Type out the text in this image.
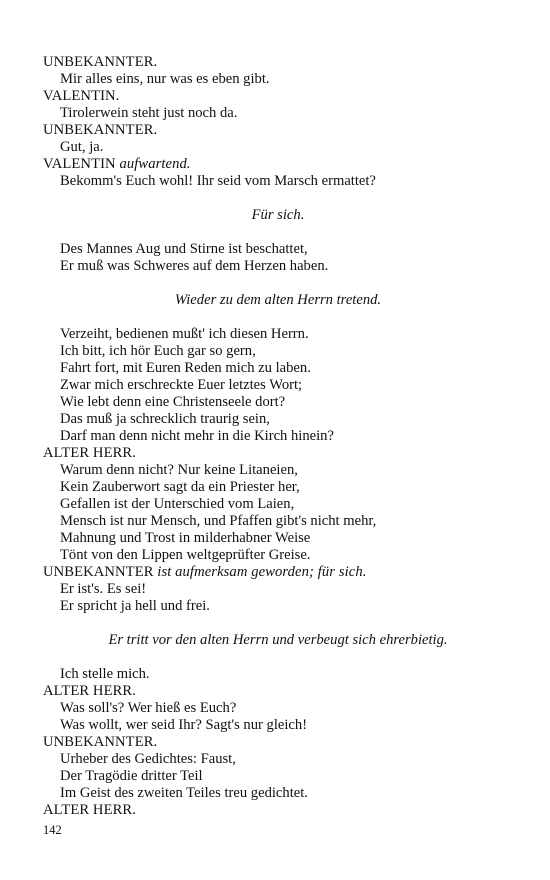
UNBEKANNTER.
Mir alles eins, nur was es eben gibt.
VALENTIN.
Tirolerwein steht just noch da.
UNBEKANNTER.
Gut, ja.
VALENTIN aufwartend.
Bekomm's Euch wohl! Ihr seid vom Marsch ermattet?
Für sich.
Des Mannes Aug und Stirne ist beschattet,
Er muß was Schweres auf dem Herzen haben.
Wieder zu dem alten Herrn tretend.
Verzeiht, bedienen mußt' ich diesen Herrn.
Ich bitt, ich hör Euch gar so gern,
Fahrt fort, mit Euren Reden mich zu laben.
Zwar mich erschreckte Euer letztes Wort;
Wie lebt denn eine Christenseele dort?
Das muß ja schrecklich traurig sein,
Darf man denn nicht mehr in die Kirch hinein?
ALTER HERR.
Warum denn nicht? Nur keine Litaneien,
Kein Zauberwort sagt da ein Priester her,
Gefallen ist der Unterschied vom Laien,
Mensch ist nur Mensch, und Pfaffen gibt's nicht mehr,
Mahnung und Trost in milderhabner Weise
Tönt von den Lippen weltgeprüfter Greise.
UNBEKANNTER ist aufmerksam geworden; für sich.
Er ist's. Es sei!
Er spricht ja hell und frei.
Er tritt vor den alten Herrn und verbeugt sich ehrerbietig.
Ich stelle mich.
ALTER HERR.
Was soll's? Wer hieß es Euch?
Was wollt, wer seid Ihr? Sagt's nur gleich!
UNBEKANNTER.
Urheber des Gedichtes: Faust,
Der Tragödie dritter Teil
Im Geist des zweiten Teiles treu gedichtet.
ALTER HERR.
142
